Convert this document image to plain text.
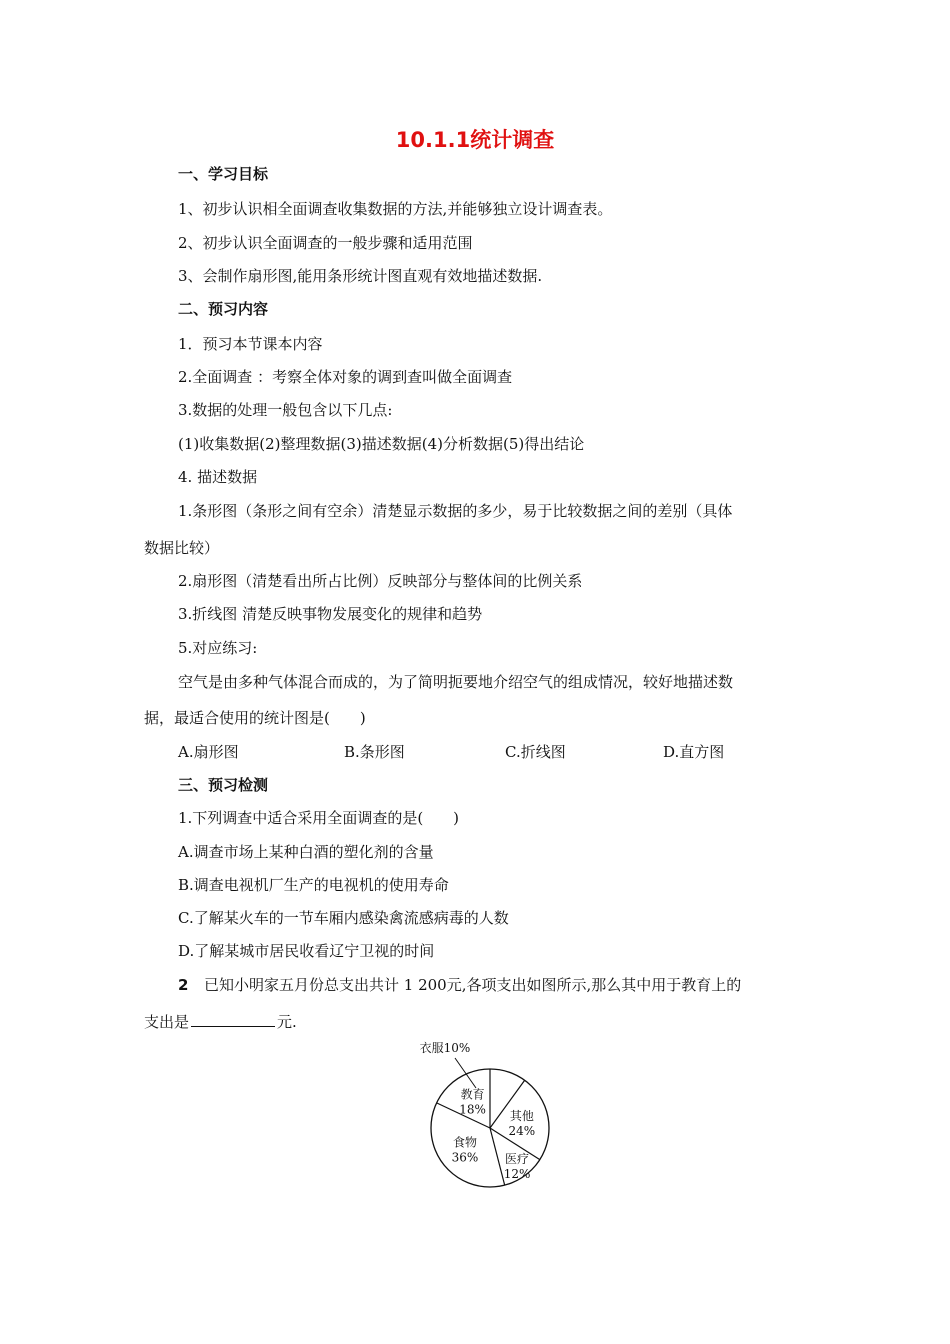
10.1.1统计调查
一、学习目标
1、初步认识相全面调查收集数据的方法,并能够独立设计调查表。
2、初步认识全面调查的一般步骤和适用范围
3、会制作扇形图,能用条形统计图直观有效地描述数据.
二、预习内容
1．预习本节课本内容
2.全面调查 ：考察全体对象的调到查叫做全面调查
3.数据的处理一般包含以下几点:
(1)收集数据(2)整理数据(3)描述数据(4)分析数据(5)得出结论
4. 描述数据
1.条形图（条形之间有空余）清楚显示数据的多少，易于比较数据之间的差别（具体
数据比较）
2.扇形图（清楚看出所占比例）反映部分与整体间的比例关系
3.折线图 清楚反映事物发展变化的规律和趋势
5.对应练习:
空气是由多种气体混合而成的，为了简明扼要地介绍空气的组成情况，较好地描述数
据，最适合使用的统计图是(　　)
A.扇形图	B.条形图	C.折线图	D.直方图
三、预习检测
1.下列调查中适合采用全面调查的是(　　)
A.调查市场上某种白酒的塑化剂的含量
B.调查电视机厂生产的电视机的使用寿命
C.了解某火车的一节车厢内感染禽流感病毒的人数
D.了解某城市居民收看辽宁卫视的时间
2 已知小明家五月份总支出共计 1 200元,各项支出如图所示,那么其中用于教育上的
支出是	元.
衣服10%
其他
24%
医疗
12%
食物
36%
教育
18%
